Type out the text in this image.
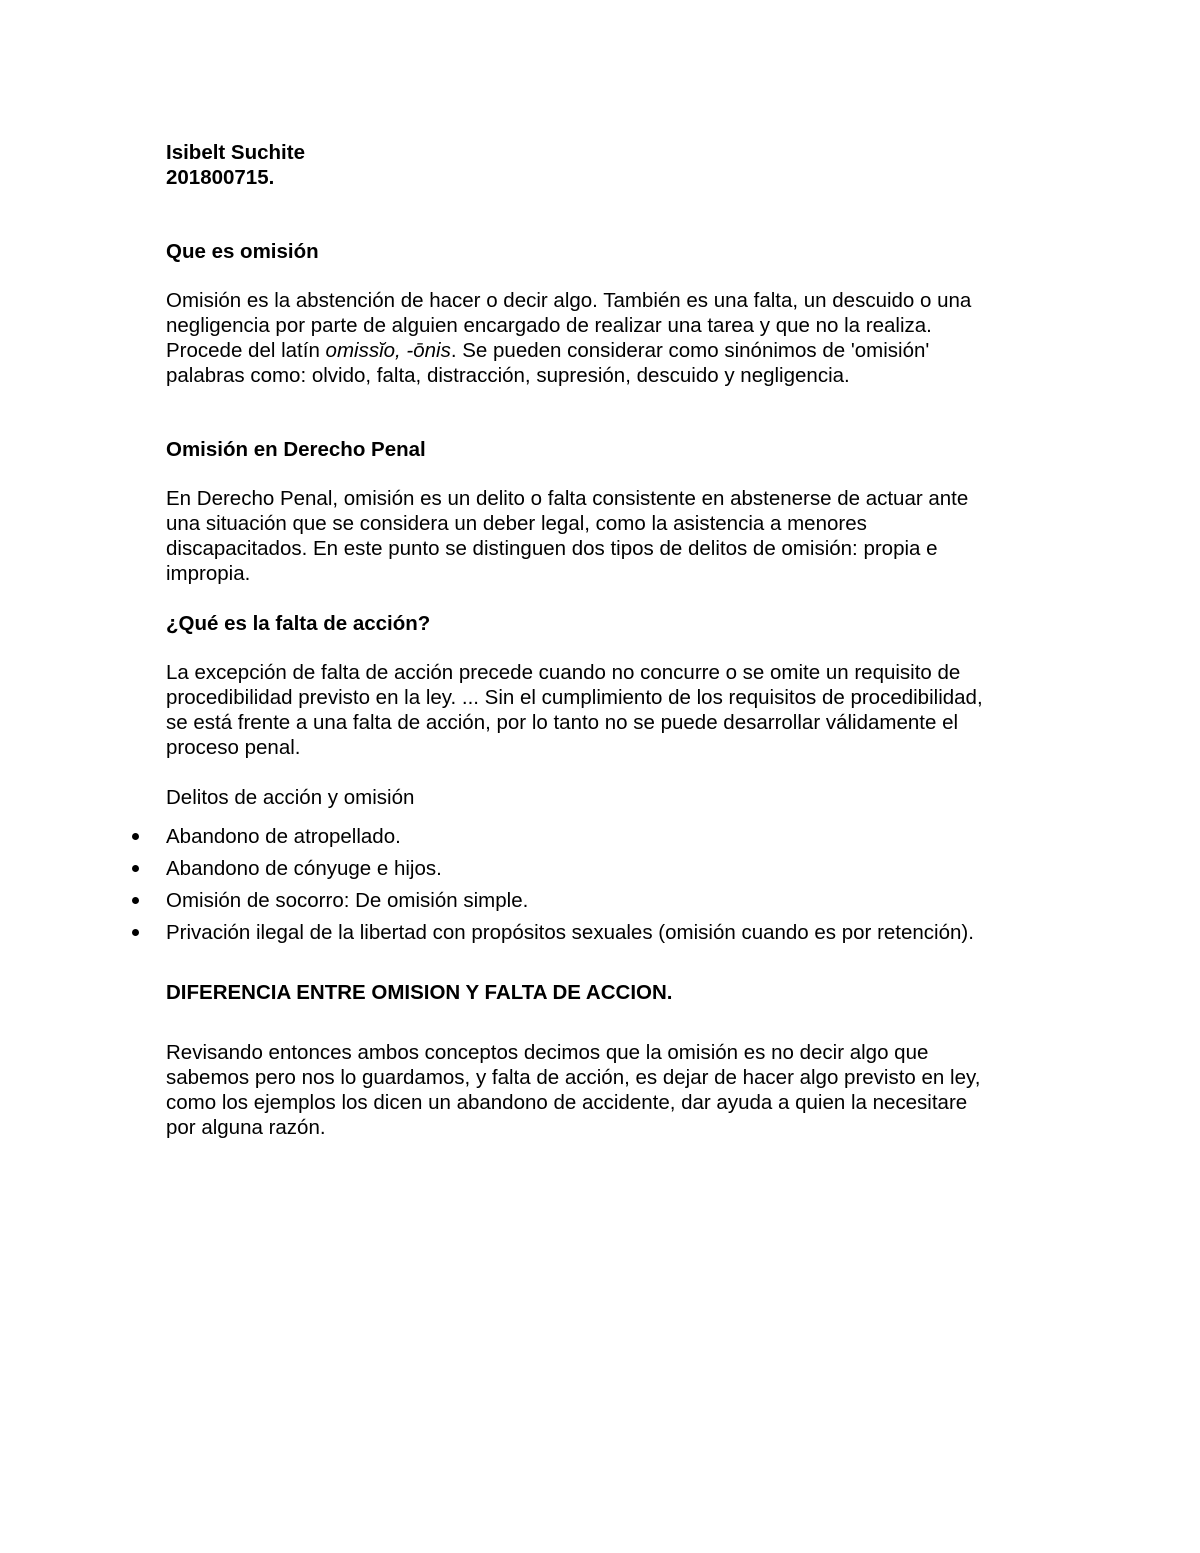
Isibelt Suchite
201800715.
Que es omisión
Omisión es la abstención de hacer o decir algo. También es una falta, un descuido o una
negligencia por parte de alguien encargado de realizar una tarea y que no la realiza.
Procede del latín omissĭo, -ōnis. Se pueden considerar como sinónimos de 'omisión'
palabras como: olvido, falta, distracción, supresión, descuido y negligencia.
Omisión en Derecho Penal
En Derecho Penal, omisión es un delito o falta consistente en abstenerse de actuar ante
una situación que se considera un deber legal, como la asistencia a menores
discapacitados. En este punto se distinguen dos tipos de delitos de omisión: propia e
impropia.
¿Qué es la falta de acción?
La excepción de falta de acción precede cuando no concurre o se omite un requisito de
procedibilidad previsto en la ley. ... Sin el cumplimiento de los requisitos de procedibilidad,
se está frente a una falta de acción, por lo tanto no se puede desarrollar válidamente el
proceso penal.
Delitos de acción y omisión
Abandono de atropellado.
Abandono de cónyuge e hijos.
Omisión de socorro: De omisión simple.
Privación ilegal de la libertad con propósitos sexuales (omisión cuando es por retención).
DIFERENCIA ENTRE OMISION Y FALTA DE ACCION.
Revisando entonces ambos conceptos decimos que la omisión es no decir algo que
sabemos pero nos lo guardamos, y falta de acción, es dejar de hacer algo previsto en ley,
como los ejemplos los dicen un abandono de accidente, dar ayuda a quien la necesitare
por alguna razón.
